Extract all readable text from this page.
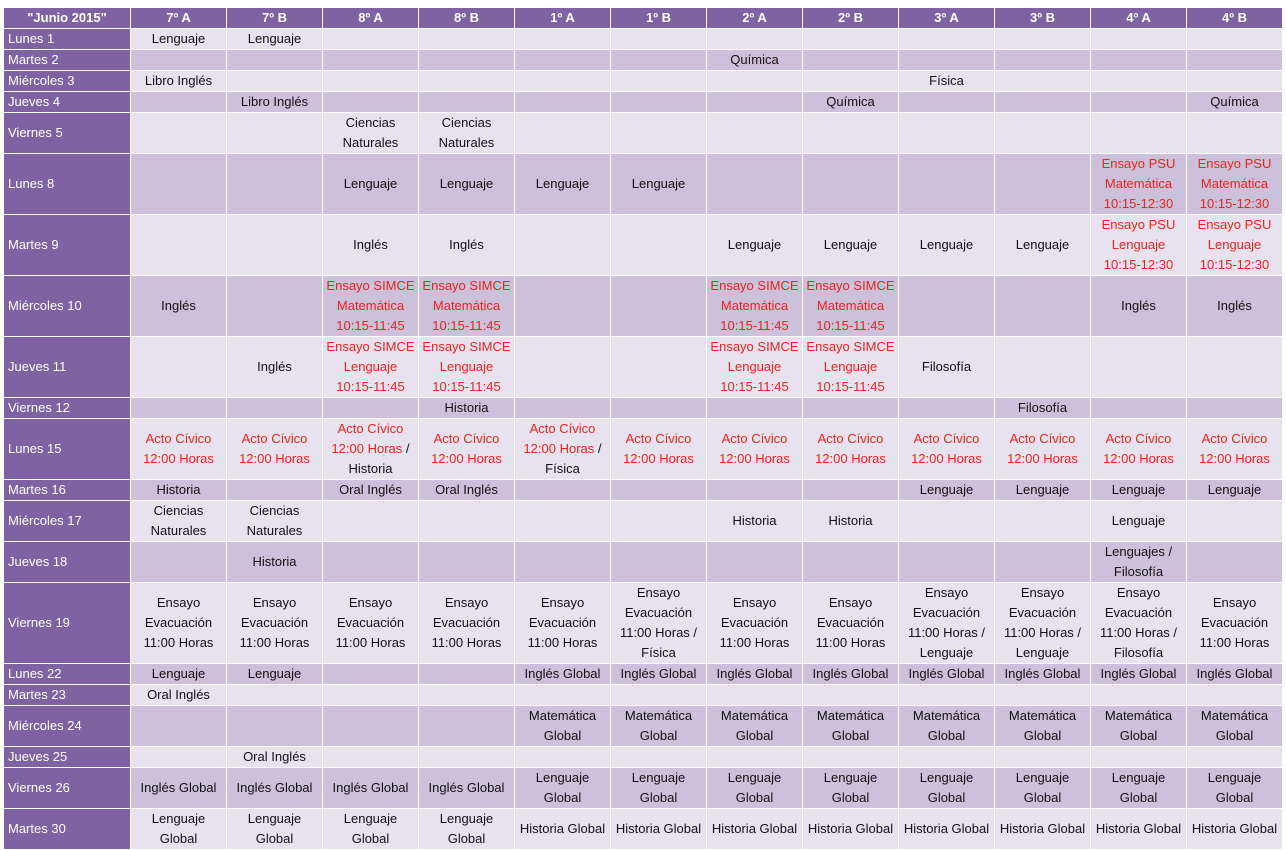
"Junio 2015"	7º A	7º B	8º A	8º B	1º A	1º B	2º A	2º B	3º A	3º B	4º A	4º B
Lunes 1	Lenguaje	Lenguaje										

Martes 2							Química					

Miércoles 3	Libro Inglés								Física			

Jueves 4		Libro Inglés						Química				Química

Viernes 5			Ciencias
Naturales	Ciencias
Naturales								

Lunes 8			Lenguaje	Lenguaje	Lenguaje	Lenguaje					Ensayo PSU
Matemática
10:15-12:30	Ensayo PSU
Matemática
10:15-12:30

Martes 9			Inglés	Inglés			Lenguaje	Lenguaje	Lenguaje	Lenguaje	Ensayo PSU
Lenguaje
10:15-12:30	Ensayo PSU
Lenguaje
10:15-12:30

Miércoles 10	Inglés		Ensayo SIMCE
Matemática
10:15-11:45	Ensayo SIMCE
Matemática
10:15-11:45			Ensayo SIMCE
Matemática
10:15-11:45	Ensayo SIMCE
Matemática
10:15-11:45			Inglés	Inglés

Jueves 11		Inglés	Ensayo SIMCE
Lenguaje
10:15-11:45	Ensayo SIMCE
Lenguaje
10:15-11:45			Ensayo SIMCE
Lenguaje
10:15-11:45	Ensayo SIMCE
Lenguaje
10:15-11:45	Filosofía			

Viernes 12				Historia						Filosofía		

Lunes 15	Acto Cívico
12:00 Horas	Acto Cívico
12:00 Horas	Acto Cívico
12:00 Horas /
Historia	Acto Cívico
12:00 Horas	Acto Cívico
12:00 Horas /
Física	Acto Cívico
12:00 Horas	Acto Cívico
12:00 Horas	Acto Cívico
12:00 Horas	Acto Cívico
12:00 Horas	Acto Cívico
12:00 Horas	Acto Cívico
12:00 Horas	Acto Cívico
12:00 Horas

Martes 16	Historia		Oral Inglés	Oral Inglés					Lenguaje	Lenguaje	Lenguaje	Lenguaje

Miércoles 17	Ciencias
Naturales	Ciencias
Naturales					Historia	Historia			Lenguaje	

Jueves 18		Historia									Lenguajes /
Filosofía	

Viernes 19	Ensayo
Evacuación
11:00 Horas	Ensayo
Evacuación
11:00 Horas	Ensayo
Evacuación
11:00 Horas	Ensayo
Evacuación
11:00 Horas	Ensayo
Evacuación
11:00 Horas	Ensayo
Evacuación
11:00 Horas /
Física	Ensayo
Evacuación
11:00 Horas	Ensayo
Evacuación
11:00 Horas	Ensayo
Evacuación
11:00 Horas /
Lenguaje	Ensayo
Evacuación
11:00 Horas /
Lenguaje	Ensayo
Evacuación
11:00 Horas /
Filosofía	Ensayo
Evacuación
11:00 Horas

Lunes 22	Lenguaje	Lenguaje			Inglés Global	Inglés Global	Inglés Global	Inglés Global	Inglés Global	Inglés Global	Inglés Global	Inglés Global

Martes 23	Oral Inglés											

Miércoles 24					Matemática
Global	Matemática
Global	Matemática
Global	Matemática
Global	Matemática
Global	Matemática
Global	Matemática
Global	Matemática
Global

Jueves 25		Oral Inglés										

Viernes 26	Inglés Global	Inglés Global	Inglés Global	Inglés Global	Lenguaje
Global	Lenguaje
Global	Lenguaje
Global	Lenguaje
Global	Lenguaje
Global	Lenguaje
Global	Lenguaje
Global	Lenguaje
Global

Martes 30	Lenguaje
Global	Lenguaje
Global	Lenguaje
Global	Lenguaje
Global	Historia Global	Historia Global	Historia Global	Historia Global	Historia Global	Historia Global	Historia Global	Historia Global
